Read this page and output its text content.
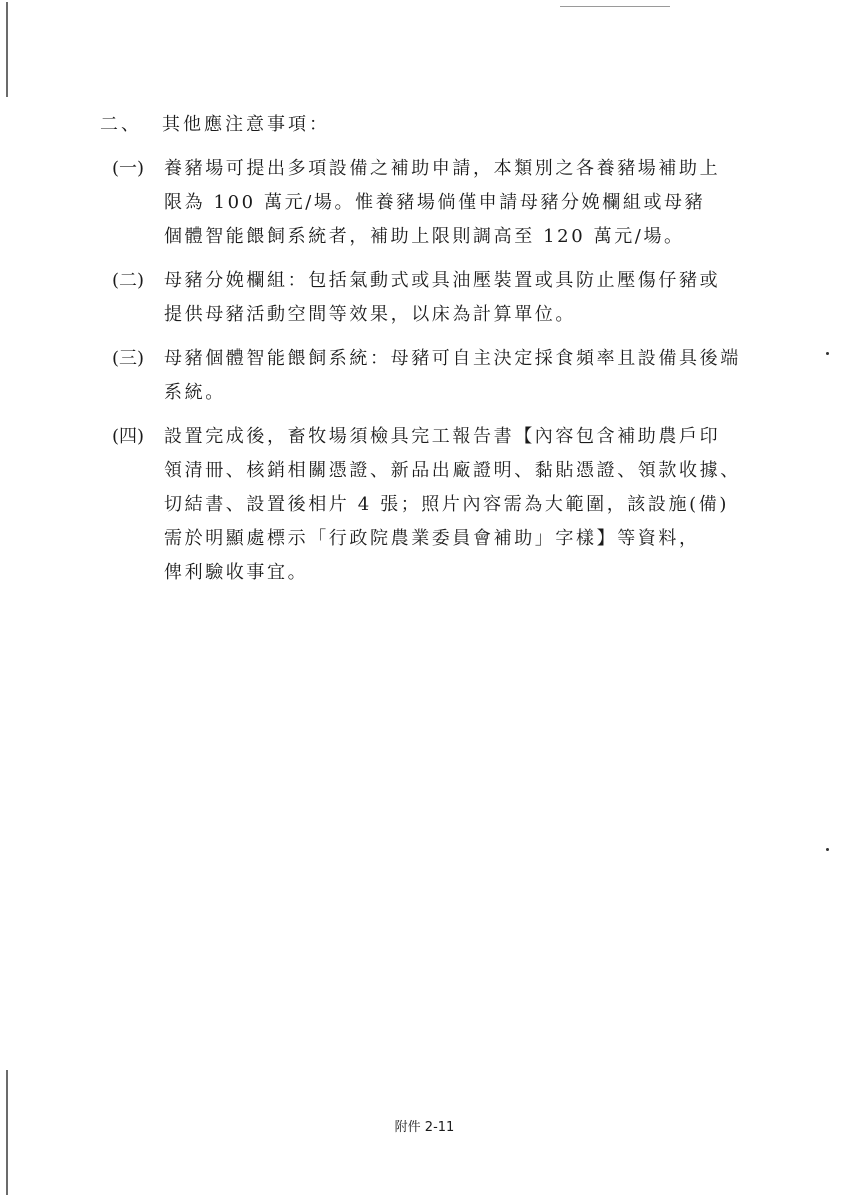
二、 其他應注意事項：
(一)	養豬場可提出多項設備之補助申請，本類別之各養豬場補助上
限為 100 萬元/場。惟養豬場倘僅申請母豬分娩欄組或母豬
個體智能餵飼系統者，補助上限則調高至 120 萬元/場。
(二)	母豬分娩欄組：包括氣動式或具油壓裝置或具防止壓傷仔豬或
提供母豬活動空間等效果，以床為計算單位。
(三)	母豬個體智能餵飼系統：母豬可自主決定採食頻率且設備具後端
系統。
(四)	設置完成後，畜牧場須檢具完工報告書【內容包含補助農戶印
領清冊、核銷相關憑證、新品出廠證明、黏貼憑證、領款收據、
切結書、設置後相片 4 張；照片內容需為大範圍，該設施(備)
需於明顯處標示「行政院農業委員會補助」字樣】等資料，
俾利驗收事宜。
附件 2-11
